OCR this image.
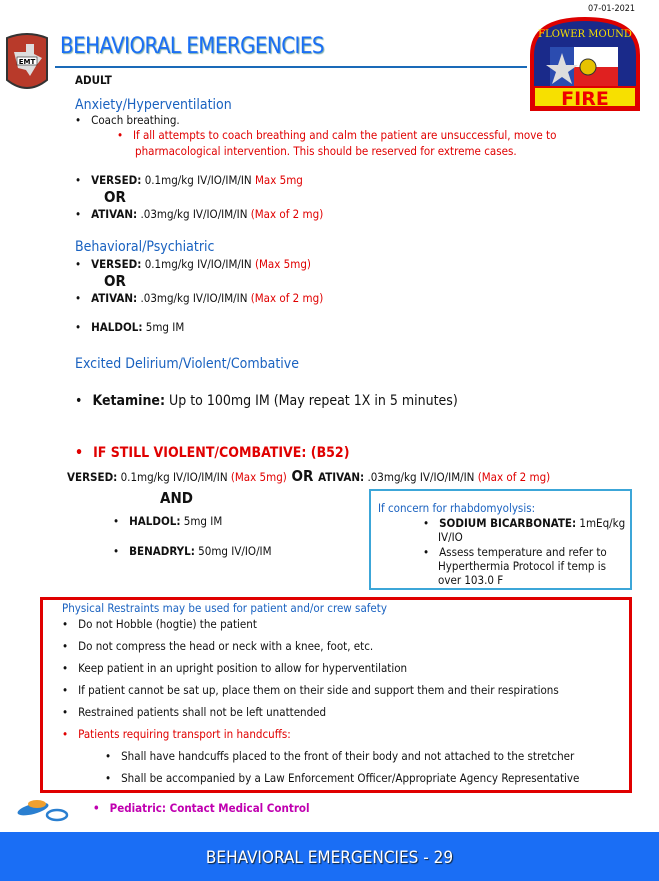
07-01-2021
EMT
BEHAVIORAL EMERGENCIES
FIRE
FLOWER MOUND
ADULT
Anxiety/Hyperventilation
• Coach breathing.
•   If all attempts to coach breathing and calm the patient are unsuccessful, move to
pharmacological intervention. This should be reserved for extreme cases.
• VERSED: 0.1mg/kg IV/IO/IM/IN Max 5mg
OR
• ATIVAN: .03mg/kg IV/IO/IM/IN (Max of 2 mg)
Behavioral/Psychiatric
• VERSED: 0.1mg/kg IV/IO/IM/IN (Max 5mg)
OR
• ATIVAN: .03mg/kg IV/IO/IM/IN (Max of 2 mg)
• HALDOL: 5mg IM
Excited Delirium/Violent/Combative
• Ketamine: Up to 100mg IM (May repeat 1X in 5 minutes)
• IF STILL VIOLENT/COMBATIVE: (B52)
VERSED: 0.1mg/kg IV/IO/IM/IN (Max 5mg) OR ATIVAN: .03mg/kg IV/IO/IM/IN (Max of 2 mg)
AND
• HALDOL: 5mg IM
• BENADRYL: 50mg IV/IO/IM
If concern for rhabdomyolysis:
• SODIUM BICARBONATE: 1mEq/kg
IV/IO
• Assess temperature and refer to
Hyperthermia Protocol if temp is
over 103.0 F
Physical Restraints may be used for patient and/or crew safety
• Do not Hobble (hogtie) the patient
• Do not compress the head or neck with a knee, foot, etc.
• Keep patient in an upright position to allow for hyperventilation
• If patient cannot be sat up, place them on their side and support them and their respirations
• Restrained patients shall not be left unattended
• Patients requiring transport in handcuffs:
• Shall have handcuffs placed to the front of their body and not attached to the stretcher
• Shall be accompanied by a Law Enforcement Officer/Appropriate Agency Representative
• Pediatric: Contact Medical Control
BEHAVIORAL EMERGENCIES - 29
